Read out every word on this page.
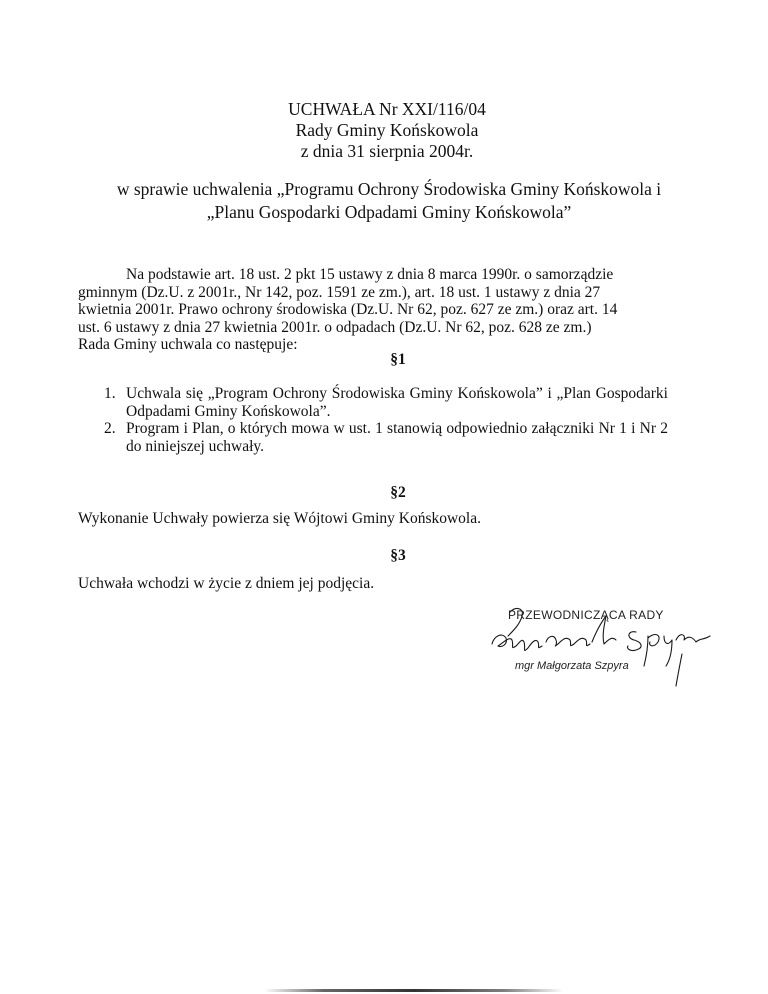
UCHWAŁA Nr XXI/116/04
Rady Gminy Końskowola
z dnia 31 sierpnia 2004r.
w sprawie uchwalenia „Programu Ochrony Środowiska Gminy Końskowola i
„Planu Gospodarki Odpadami Gminy Końskowola”
Na podstawie art. 18 ust. 2 pkt 15 ustawy z dnia 8 marca 1990r. o samorządzie
gminnym (Dz.U. z 2001r., Nr 142, poz. 1591 ze zm.), art. 18 ust. 1 ustawy z dnia 27
kwietnia 2001r. Prawo ochrony środowiska (Dz.U. Nr 62, poz. 627 ze zm.) oraz art. 14
ust. 6 ustawy z dnia 27 kwietnia 2001r. o odpadach (Dz.U. Nr 62, poz. 628 ze zm.)
Rada Gminy uchwala co następuje:
§1
1. Uchwala się „Program Ochrony Środowiska Gminy Końskowola” i „Plan Gospodarki Odpadami Gminy Końskowola”.
2. Program i Plan, o których mowa w ust. 1 stanowią odpowiednio załączniki Nr 1 i Nr 2 do niniejszej uchwały.
§2
Wykonanie Uchwały powierza się Wójtowi Gminy Końskowola.
§3
Uchwała wchodzi w życie z dniem jej podjęcia.
PRZEWODNICZĄCA RADY
mgr Małgorzata Szpyra
